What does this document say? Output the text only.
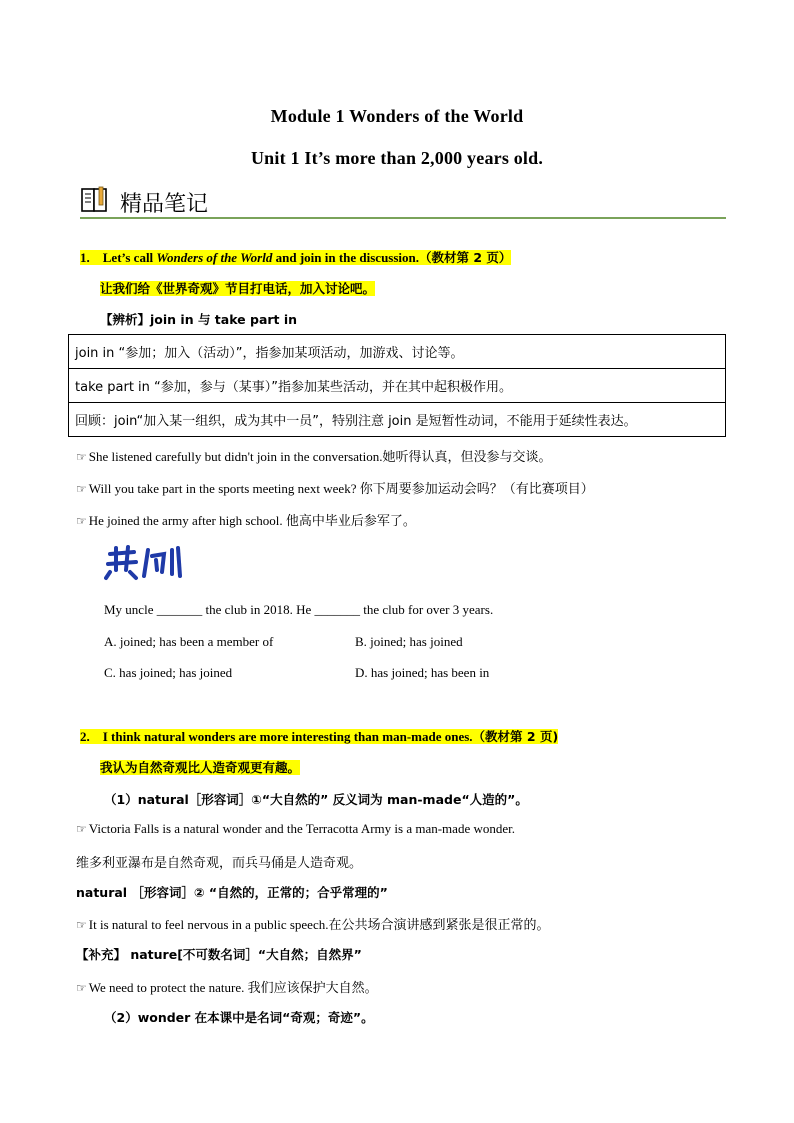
Module 1 Wonders of the World
Unit 1 It’s more than 2,000 years old.
精品笔记
1. Let’s call Wonders of the World and join in the discussion.（教材第 2 页）
让我们给《世界奇观》节目打电话，加入讨论吧。
【辨析】join in 与 take part in
join in “参加；加入（活动）”，指参加某项活动，加游戏、讨论等。
take part in “参加，参与（某事）”指参加某些活动，并在其中起积极作用。
回顾：join“加入某一组织，成为其中一员”，特别注意 join 是短暂性动词，不能用于延续性表达。
☞ She listened carefully but didn't join in the conversation.她听得认真，但没参与交谈。
☞ Will you take part in the sports meeting next week? 你下周要参加运动会吗？（有比赛项目）
☞ He joined the army after high school. 他高中毕业后参军了。
My uncle _______ the club in 2018. He _______ the club for over 3 years.
A. joined; has been a member of	B. joined; has joined
C. has joined; has joined	D. has joined; has been in
2. I think natural wonders are more interesting than man-made ones.（教材第 2 页)
我认为自然奇观比人造奇观更有趣。
（1）natural［形容词］①“大自然的” 反义词为 man-made“人造的”。
☞ Victoria Falls is a natural wonder and the Terracotta Army is a man-made wonder.
维多利亚瀑布是自然奇观，而兵马俑是人造奇观。
natural ［形容词］② “自然的，正常的；合乎常理的”
☞ It is natural to feel nervous in a public speech.在公共场合演讲感到紧张是很正常的。
【补充】 nature[不可数名词］“大自然；自然界”
☞ We need to protect the nature. 我们应该保护大自然。
（2）wonder 在本课中是名词“奇观；奇迹”。
